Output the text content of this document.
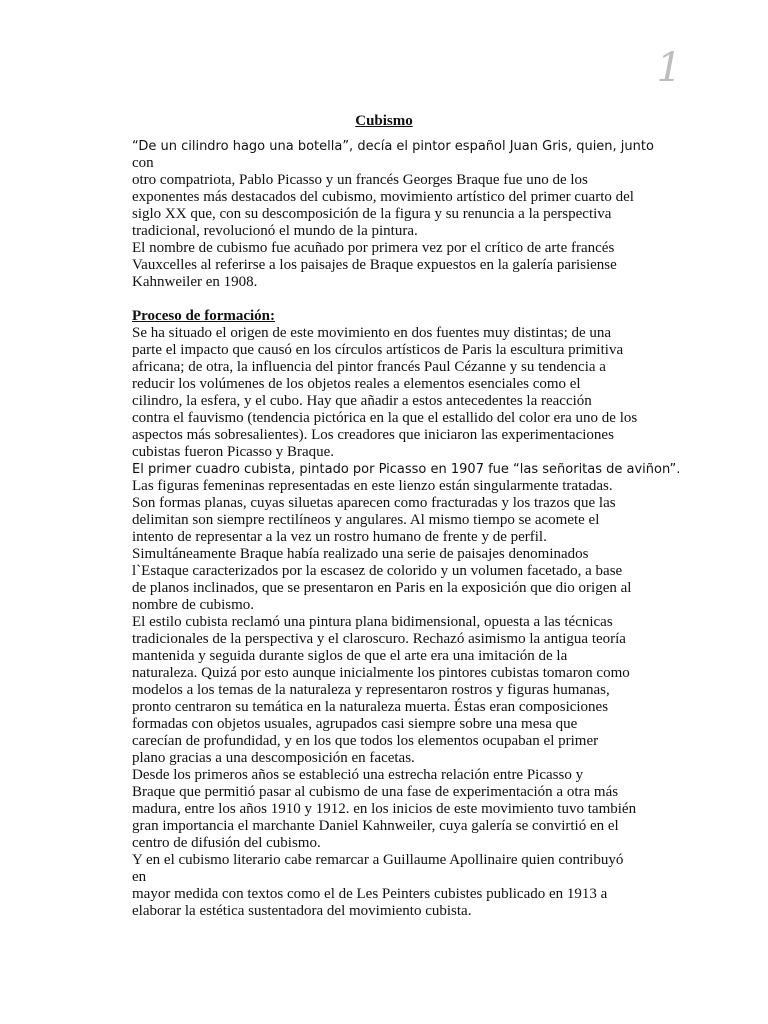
1
Cubismo
“De un cilindro hago una botella”, decía el pintor español Juan Gris, quien, junto
con
otro compatriota, Pablo Picasso y un francés Georges Braque fue uno de los
exponentes más destacados del cubismo, movimiento artístico del primer cuarto del
siglo XX que, con su descomposición de la figura y su renuncia a la perspectiva
tradicional, revolucionó el mundo de la pintura.
El nombre de cubismo fue acuñado por primera vez por el crítico de arte francés
Vauxcelles al referirse a los paisajes de Braque expuestos en la galería parisiense
Kahnweiler en 1908.
Proceso de formación:
Se ha situado el origen de este movimiento en dos fuentes muy distintas; de una
parte el impacto que causó en los círculos artísticos de Paris la escultura primitiva
africana; de otra, la influencia del pintor francés Paul Cézanne y su tendencia a
reducir los volúmenes de los objetos reales a elementos esenciales como el
cilindro, la esfera, y el cubo. Hay que añadir a estos antecedentes la reacción
contra el fauvismo (tendencia pictórica en la que el estallido del color era uno de los
aspectos más sobresalientes). Los creadores que iniciaron las experimentaciones
cubistas fueron Picasso y Braque.
El primer cuadro cubista, pintado por Picasso en 1907 fue “las señoritas de aviñon”.
Las figuras femeninas representadas en este lienzo están singularmente tratadas.
Son formas planas, cuyas siluetas aparecen como fracturadas y los trazos que las
delimitan son siempre rectilíneos y angulares. Al mismo tiempo se acomete el
intento de representar a la vez un rostro humano de frente y de perfil.
Simultáneamente Braque había realizado una serie de paisajes denominados
l`Estaque caracterizados por la escasez de colorido y un volumen facetado, a base
de planos inclinados, que se presentaron en Paris en la exposición que dio origen al
nombre de cubismo.
El estilo cubista reclamó una pintura plana bidimensional, opuesta a las técnicas
tradicionales de la perspectiva y el claroscuro. Rechazó asimismo la antigua teoría
mantenida y seguida durante siglos de que el arte era una imitación de la
naturaleza. Quizá por esto aunque inicialmente los pintores cubistas tomaron como
modelos a los temas de la naturaleza y representaron rostros y figuras humanas,
pronto centraron su temática en la naturaleza muerta. Éstas eran composiciones
formadas con objetos usuales, agrupados casi siempre sobre una mesa que
carecían de profundidad, y en los que todos los elementos ocupaban el primer
plano gracias a una descomposición en facetas.
Desde los primeros años se estableció una estrecha relación entre Picasso y
Braque que permitió pasar al cubismo de una fase de experimentación a otra más
madura, entre los años 1910 y 1912. en los inicios de este movimiento tuvo también
gran importancia el marchante Daniel Kahnweiler, cuya galería se convirtió en el
centro de difusión del cubismo.
Y en el cubismo literario cabe remarcar a Guillaume Apollinaire quien contribuyó
en
mayor medida con textos como el de Les Peinters cubistes publicado en 1913 a
elaborar la estética sustentadora del movimiento cubista.
